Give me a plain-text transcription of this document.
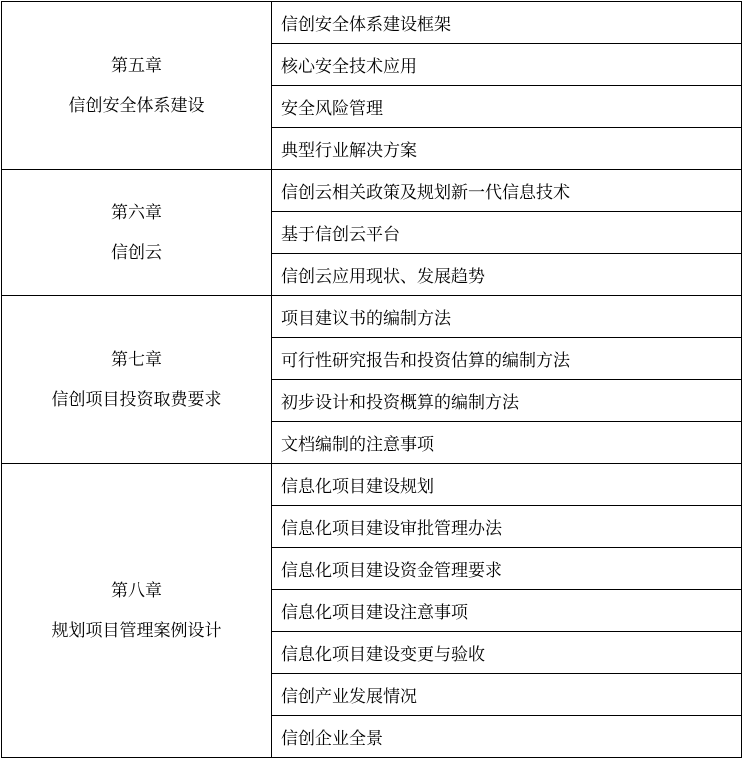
第五章
信创安全体系建设	信创安全体系建设框架
	核心安全技术应用
	安全风险管理
	典型行业解决方案

第六章
信创云	信创云相关政策及规划新一代信息技术
	基于信创云平台
	信创云应用现状、发展趋势

第七章
信创项目投资取费要求	项目建议书的编制方法
	可行性研究报告和投资估算的编制方法
	初步设计和投资概算的编制方法
	文档编制的注意事项

第八章
规划项目管理案例设计	信息化项目建设规划
	信息化项目建设审批管理办法
	信息化项目建设资金管理要求
	信息化项目建设注意事项
	信息化项目建设变更与验收
	信创产业发展情况
	信创企业全景
